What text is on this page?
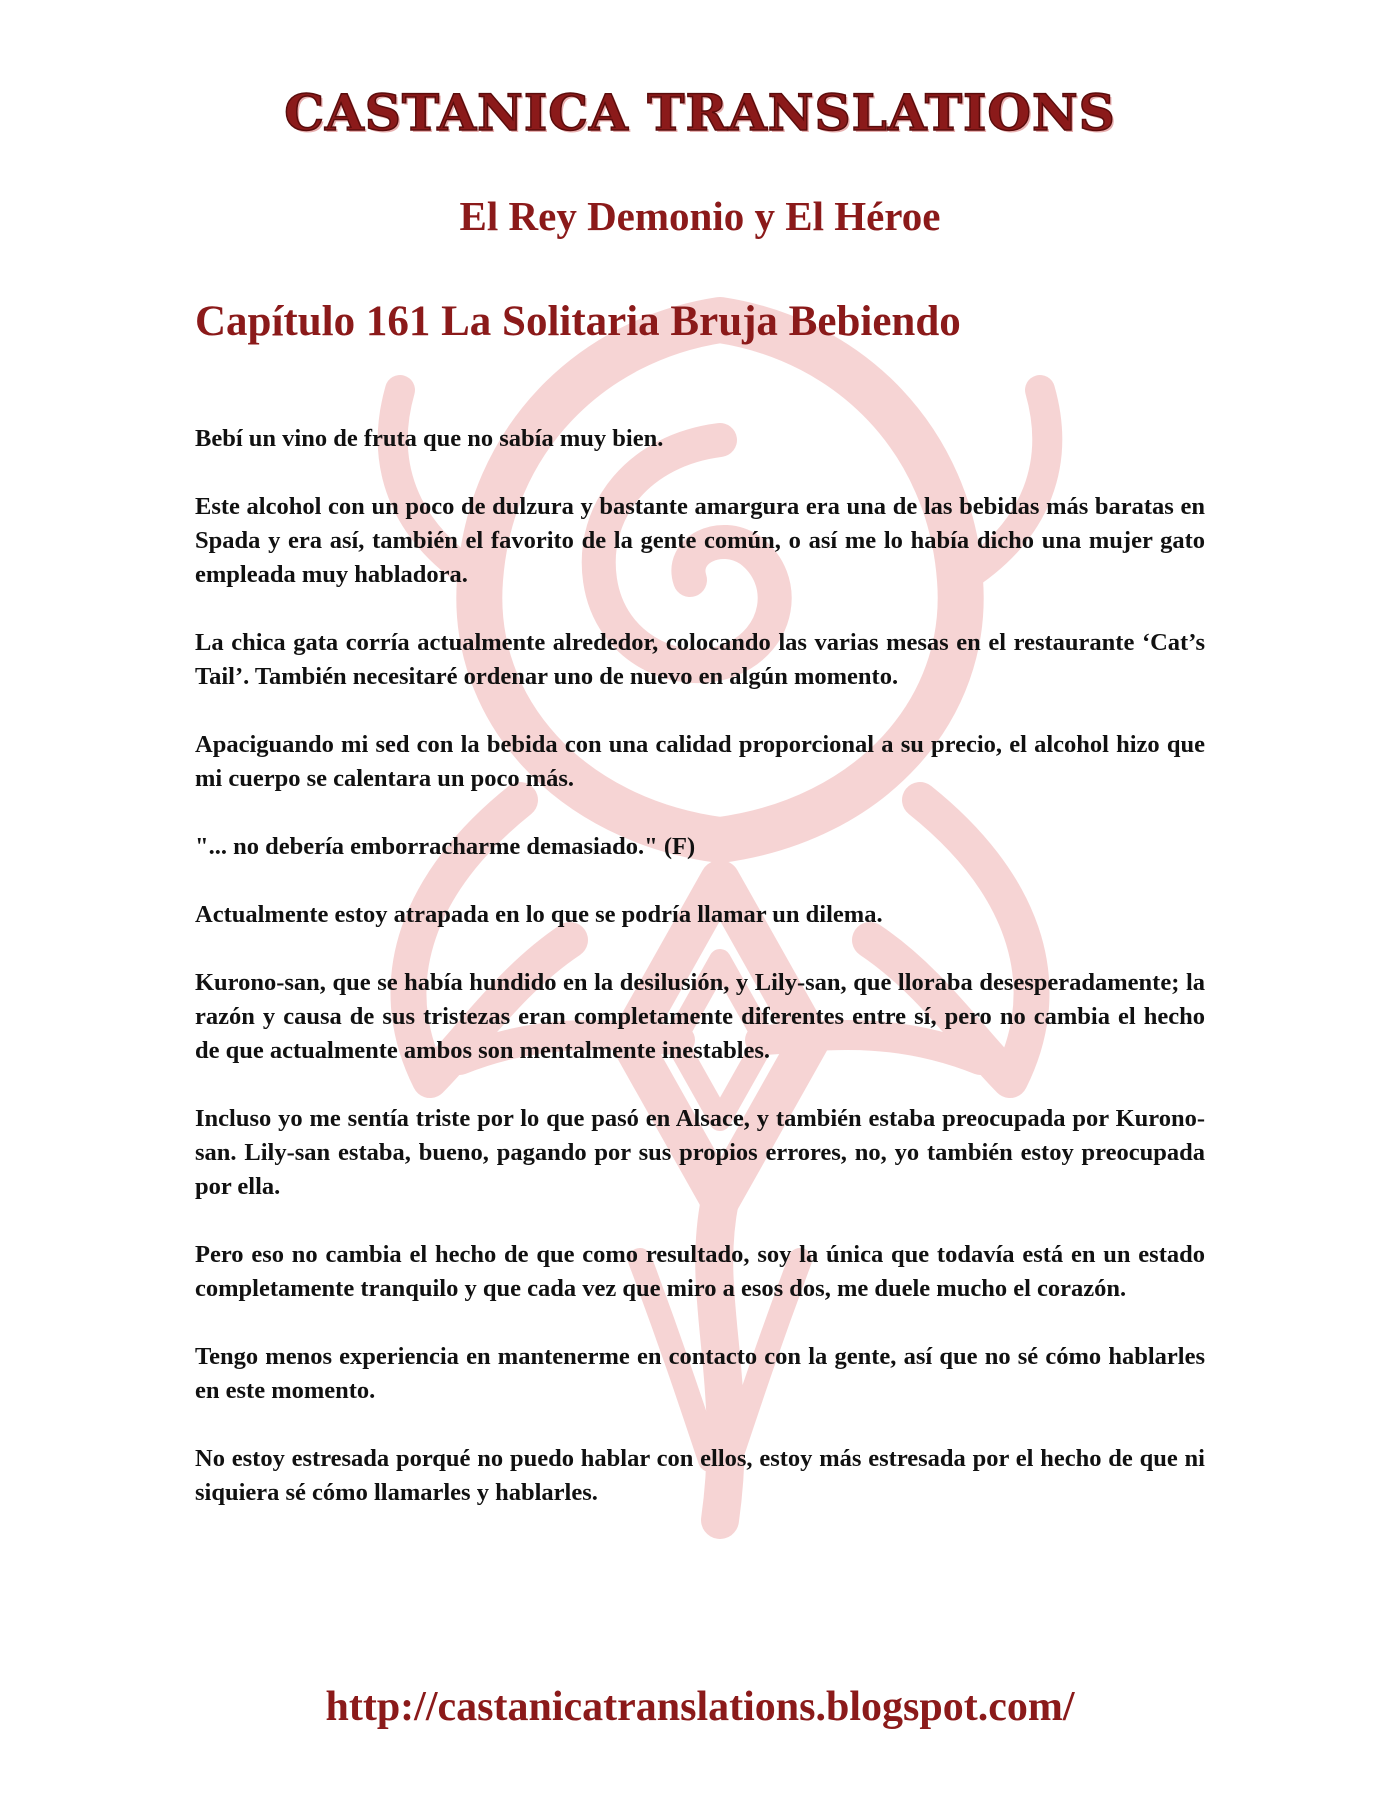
CASTANICA TRANSLATIONS
El Rey Demonio y El Héroe
Capítulo 161 La Solitaria Bruja Bebiendo

Bebí un vino de fruta que no sabía muy bien.

Este alcohol con un poco de dulzura y bastante amargura era una de las bebidas más baratas en Spada y era así, también el favorito de la gente común, o así me lo había dicho una mujer gato empleada muy habladora.

La chica gata corría actualmente alrededor, colocando las varias mesas en el restaurante ‘Cat’s Tail’. También necesitaré ordenar uno de nuevo en algún momento.

Apaciguando mi sed con la bebida con una calidad proporcional a su precio, el alcohol hizo que mi cuerpo se calentara un poco más.

"... no debería emborracharme demasiado." (F)

Actualmente estoy atrapada en lo que se podría llamar un dilema.

Kurono-san, que se había hundido en la desilusión, y Lily-san, que lloraba desesperadamente; la razón y causa de sus tristezas eran completamente diferentes entre sí, pero no cambia el hecho de que actualmente ambos son mentalmente inestables.

Incluso yo me sentía triste por lo que pasó en Alsace, y también estaba preocupada por Kurono-san. Lily-san estaba, bueno, pagando por sus propios errores, no, yo también estoy preocupada por ella.

Pero eso no cambia el hecho de que como resultado, soy la única que todavía está en un estado completamente tranquilo y que cada vez que miro a esos dos, me duele mucho el corazón.

Tengo menos experiencia en mantenerme en contacto con la gente, así que no sé cómo hablarles en este momento.

No estoy estresada porqué no puedo hablar con ellos, estoy más estresada por el hecho de que ni siquiera sé cómo llamarles y hablarles.

http://castanicatranslations.blogspot.com/
